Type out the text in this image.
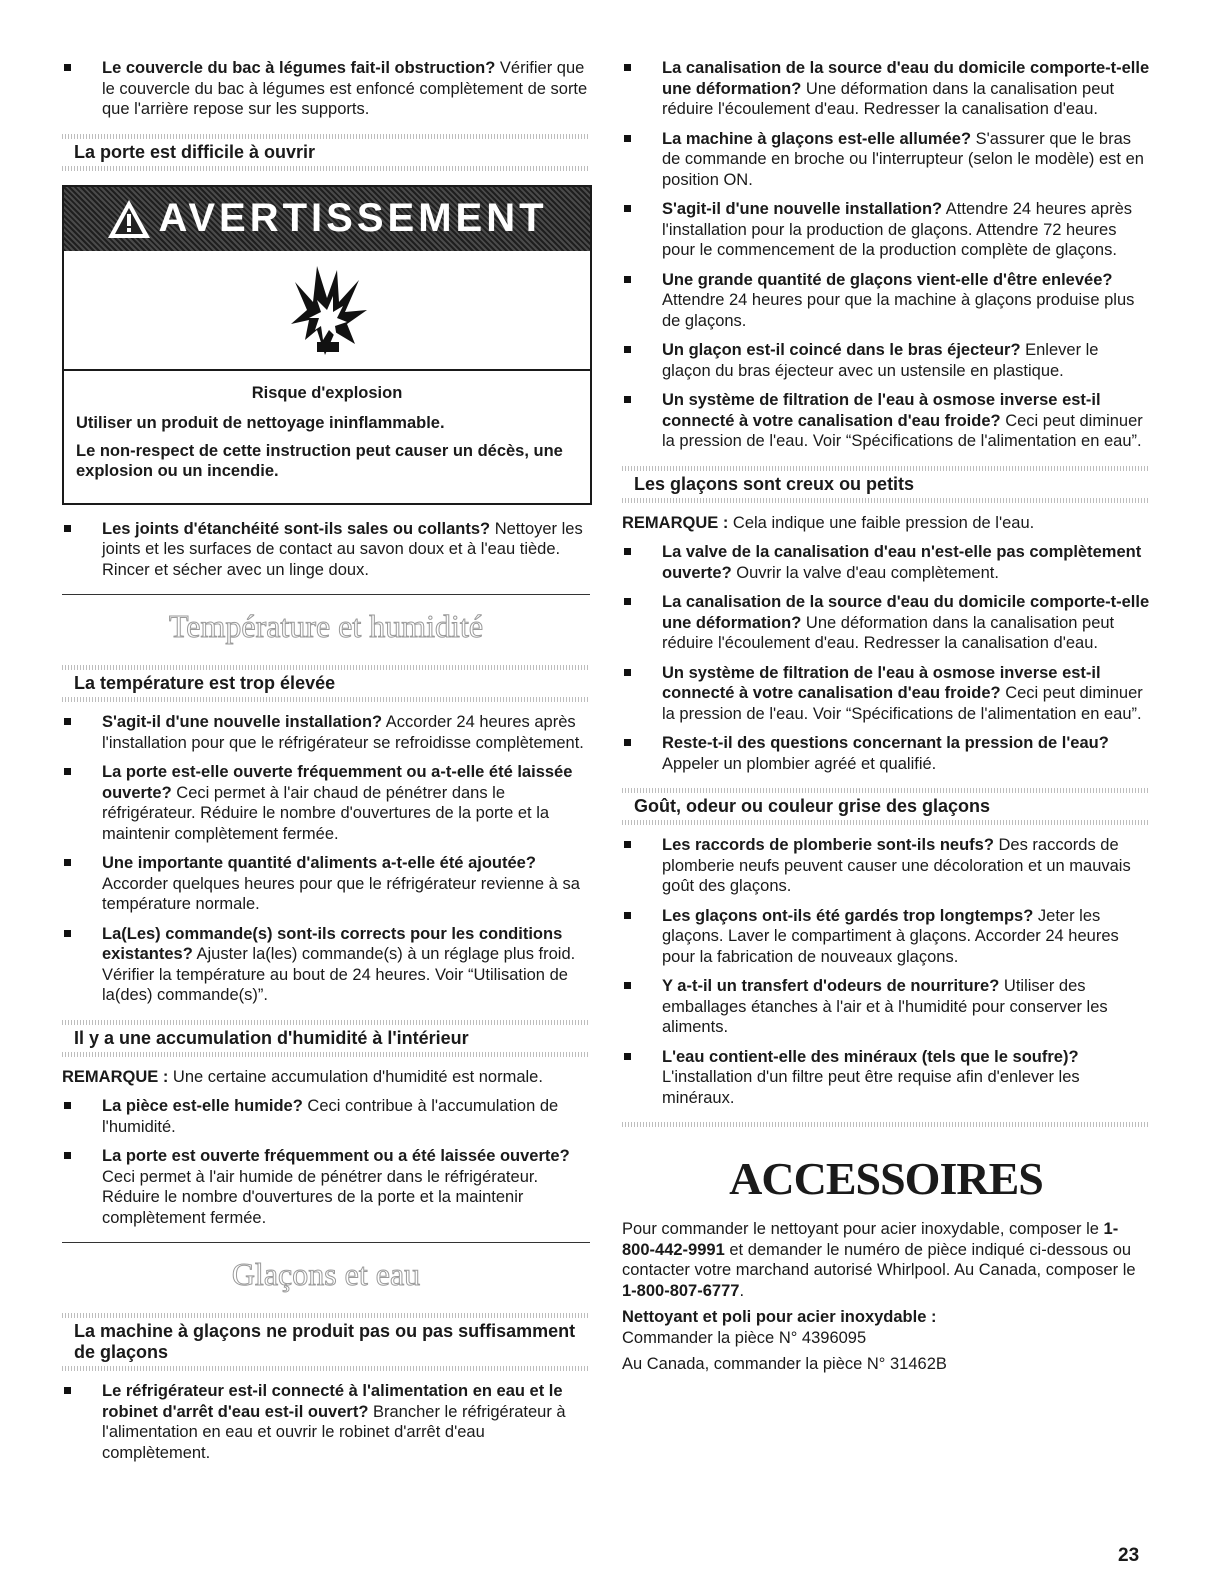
Le couvercle du bac à légumes fait-il obstruction? Vérifier que le couvercle du bac à légumes est enfoncé complètement de sorte que l'arrière repose sur les supports.
La porte est difficile à ouvrir
AVERTISSEMENT
Risque d'explosion

Utiliser un produit de nettoyage ininflammable.

Le non-respect de cette instruction peut causer un décès, une explosion ou un incendie.

Les joints d'étanchéité sont-ils sales ou collants? Nettoyer les joints et les surfaces de contact au savon doux et à l'eau tiède. Rincer et sécher avec un linge doux.
Température et humidité
La température est trop élevée
S'agit-il d'une nouvelle installation? Accorder 24 heures après l'installation pour que le réfrigérateur se refroidisse complètement.
La porte est-elle ouverte fréquemment ou a-t-elle été laissée ouverte? Ceci permet à l'air chaud de pénétrer dans le réfrigérateur. Réduire le nombre d'ouvertures de la porte et la maintenir complètement fermée.
Une importante quantité d'aliments a-t-elle été ajoutée? Accorder quelques heures pour que le réfrigérateur revienne à sa température normale.
La(Les) commande(s) sont-ils corrects pour les conditions existantes? Ajuster la(les) commande(s) à un réglage plus froid. Vérifier la température au bout de 24 heures. Voir “Utilisation de la(des) commande(s)”.
Il y a une accumulation d'humidité à l'intérieur
REMARQUE : Une certaine accumulation d'humidité est normale.
La pièce est-elle humide? Ceci contribue à l'accumulation de l'humidité.
La porte est ouverte fréquemment ou a été laissée ouverte? Ceci permet à l'air humide de pénétrer dans le réfrigérateur. Réduire le nombre d'ouvertures de la porte et la maintenir complètement fermée.
Glaçons et eau
La machine à glaçons ne produit pas ou pas suffisamment de glaçons
Le réfrigérateur est-il connecté à l'alimentation en eau et le robinet d'arrêt d'eau est-il ouvert? Brancher le réfrigérateur à l'alimentation en eau et ouvrir le robinet d'arrêt d'eau complètement.
La canalisation de la source d'eau du domicile comporte-t-elle une déformation? Une déformation dans la canalisation peut réduire l'écoulement d'eau. Redresser la canalisation d'eau.
La machine à glaçons est-elle allumée? S'assurer que le bras de commande en broche ou l'interrupteur (selon le modèle) est en position ON.
S'agit-il d'une nouvelle installation? Attendre 24 heures après l'installation pour la production de glaçons. Attendre 72 heures pour le commencement de la production complète de glaçons.
Une grande quantité de glaçons vient-elle d'être enlevée? Attendre 24 heures pour que la machine à glaçons produise plus de glaçons.
Un glaçon est-il coincé dans le bras éjecteur? Enlever le glaçon du bras éjecteur avec un ustensile en plastique.
Un système de filtration de l'eau à osmose inverse est-il connecté à votre canalisation d'eau froide? Ceci peut diminuer la pression de l'eau. Voir “Spécifications de l'alimentation en eau”.
Les glaçons sont creux ou petits
REMARQUE : Cela indique une faible pression de l'eau.
La valve de la canalisation d'eau n'est-elle pas complètement ouverte? Ouvrir la valve d'eau complètement.
La canalisation de la source d'eau du domicile comporte-t-elle une déformation? Une déformation dans la canalisation peut réduire l'écoulement d'eau. Redresser la canalisation d'eau.
Un système de filtration de l'eau à osmose inverse est-il connecté à votre canalisation d'eau froide? Ceci peut diminuer la pression de l'eau. Voir “Spécifications de l'alimentation en eau”.
Reste-t-il des questions concernant la pression de l'eau? Appeler un plombier agréé et qualifié.
Goût, odeur ou couleur grise des glaçons
Les raccords de plomberie sont-ils neufs? Des raccords de plomberie neufs peuvent causer une décoloration et un mauvais goût des glaçons.
Les glaçons ont-ils été gardés trop longtemps? Jeter les glaçons. Laver le compartiment à glaçons. Accorder 24 heures pour la fabrication de nouveaux glaçons.
Y a-t-il un transfert d'odeurs de nourriture? Utiliser des emballages étanches à l'air et à l'humidité pour conserver les aliments.
L'eau contient-elle des minéraux (tels que le soufre)? L'installation d'un filtre peut être requise afin d'enlever les minéraux.
ACCESSOIRES
Pour commander le nettoyant pour acier inoxydable, composer le 1-800-442-9991 et demander le numéro de pièce indiqué ci-dessous ou contacter votre marchand autorisé Whirlpool. Au Canada, composer le 1-800-807-6777.
Nettoyant et poli pour acier inoxydable :
Commander la pièce N° 4396095
Au Canada, commander la pièce N° 31462B
23
